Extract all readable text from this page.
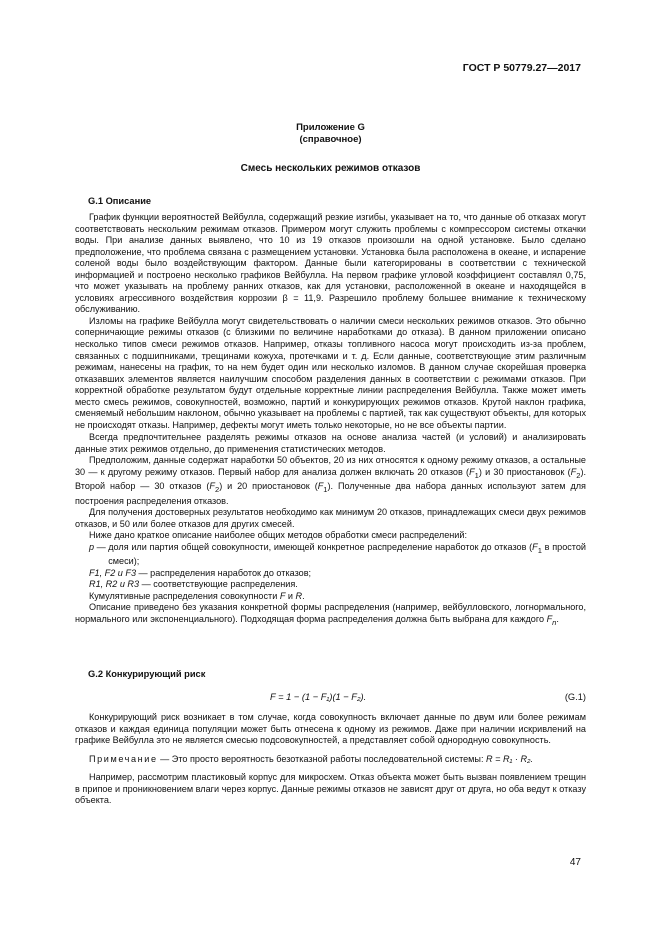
ГОСТ Р 50779.27—2017
Приложение G
(справочное)
Смесь нескольких режимов отказов
G.1 Описание

График функции вероятностей Вейбулла, содержащий резкие изгибы, указывает на то, что данные об отказах могут соответствовать нескольким режимам отказов. Примером могут служить проблемы с компрессором системы откачки воды. При анализе данных выявлено, что 10 из 19 отказов произошли на одной установке. Было сделано предположение, что проблема связана с размещением установки. Установка была расположена в океане, и испарение соленой воды было воздействующим фактором. Данные были категорированы в соответствии с технической информацией и построено несколько графиков Вейбулла. На первом графике угловой коэффициент составлял 0,75, что может указывать на проблему ранних отказов, как для установки, расположенной в океане и находящейся в условиях агрессивного воздействия коррозии β = 11,9. Разрешило проблему большее внимание к техническому обслуживанию.

Изломы на графике Вейбулла могут свидетельствовать о наличии смеси нескольких режимов отказов. Это обычно соперничающие режимы отказов (с близкими по величине наработками до отказа). В данном приложении описано несколько типов смеси режимов отказов. Например, отказы топливного насоса могут происходить из-за проблем, связанных с подшипниками, трещинами кожуха, протечками и т. д. Если данные, соответствующие этим различным режимам, нанесены на график, то на нем будет один или несколько изломов. В данном случае скорейшая проверка отказавших элементов является наилучшим способом разделения данных в соответствии с режимами отказов. При корректной обработке результатом будут отдельные корректные линии распределения Вейбулла. Также может иметь место смесь режимов, совокупностей, возможно, партий и конкурирующих режимов отказов. Крутой наклон графика, сменяемый небольшим наклоном, обычно указывает на проблемы с партией, так как существуют объекты, для которых не происходят отказы. Например, дефекты могут иметь только некоторые, но не все объекты партии.

Всегда предпочтительнее разделять режимы отказов на основе анализа частей (и условий) и анализировать данные этих режимов отдельно, до применения статистических методов.

Предположим, данные содержат наработки 50 объектов, 20 из них относятся к одному режиму отказов, а остальные 30 — к другому режиму отказов. Первый набор для анализа должен включать 20 отказов $(F_1)$ и 30 приостановок $(F_2)$. Второй набор — 30 отказов $(F_2)$ и 20 приостановок $(F_1)$. Полученные два набора данных используют затем для построения распределения отказов.

Для получения достоверных результатов необходимо как минимум 20 отказов, принадлежащих смеси двух режимов отказов, и 50 или более отказов для других смесей.

Ниже дано краткое описание наиболее общих методов обработки смеси распределений:

p — доля или партия общей совокупности, имеющей конкретное распределение наработок до отказов ($F_1$ в простой смеси);
F1, F2 и F3 — распределения наработок до отказов;
R1, R2 и R3 — соответствующие распределения.

Кумулятивные распределения совокупности F и R.

Описание приведено без указания конкретной формы распределения (например, вейбулловского, логнормального, нормального или экспоненциального). Подходящая форма распределения должна быть выбрана для каждого $F_n$.

G.2 Конкурирующий риск
F = 1 − (1 − F₁)(1 − F₂).	(G.1)

Конкурирующий риск возникает в том случае, когда совокупность включает данные по двум или более режимам отказов и каждая единица популяции может быть отнесена к одному из режимов. Даже при наличии искривлений на графике Вейбулла это не является смесью подсовокупностей, а представляет собой однородную совокупность.

Примечание — Это просто вероятность безотказной работы последовательной системы: R = R₁ · R₂.

Например, рассмотрим пластиковый корпус для микросхем. Отказ объекта может быть вызван появлением трещин в припое и проникновением влаги через корпус. Данные режимы отказов не зависят друг от друга, но оба ведут к отказу объекта.

47
